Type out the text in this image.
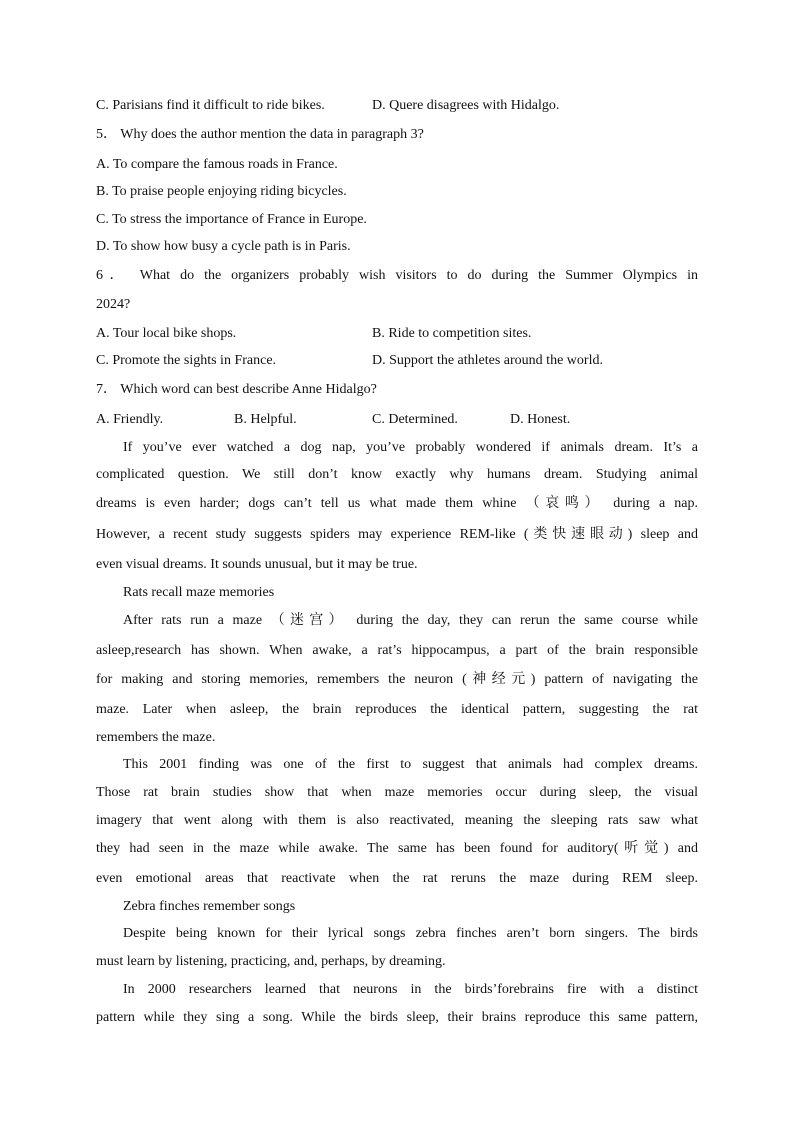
C. Parisians find it difficult to ride bikes.	D. Quere disagrees with Hidalgo.
5． Why does the author mention the data in paragraph 3?
A. To compare the famous roads in France.
B. To praise people enjoying riding bicycles.
C. To stress the importance of France in Europe.
D. To show how busy a cycle path is in Paris.
6． What do the organizers probably wish visitors to do during the Summer Olympics in
2024?
A. Tour local bike shops.	B. Ride to competition sites.
C. Promote the sights in France.	D. Support the athletes around the world.
7． Which word can best describe Anne Hidalgo?
A. Friendly.	B. Helpful.	C. Determined.	D. Honest.
If you’ve ever watched a dog nap, you’ve probably wondered if animals dream. It’s a
complicated question. We still don’t know exactly why humans dream. Studying animal
dreams is even harder; dogs can’t tell us what made them whine （哀鸣） during a nap.
However, a recent study suggests spiders may experience REM-like (类快速眼动) sleep and
even visual dreams. It sounds unusual, but it may be true.
Rats recall maze memories
After rats run a maze （迷宫） during the day, they can rerun the same course while
asleep,research has shown. When awake, a rat’s hippocampus, a part of the brain responsible
for making and storing memories, remembers the neuron (神经元) pattern of navigating the
maze. Later when asleep, the brain reproduces the identical pattern, suggesting the rat
remembers the maze.
This 2001 finding was one of the first to suggest that animals had complex dreams.
Those rat brain studies show that when maze memories occur during sleep, the visual
imagery that went along with them is also reactivated, meaning the sleeping rats saw what
they had seen in the maze while awake. The same has been found for auditory(听觉) and
even emotional areas that reactivate when the rat reruns the maze during REM sleep.
Zebra finches remember songs
Despite being known for their lyrical songs zebra finches aren’t born singers. The birds
must learn by listening, practicing, and, perhaps, by dreaming.
In 2000 researchers learned that neurons in the birds’forebrains fire with a distinct
pattern while they sing a song. While the birds sleep, their brains reproduce this same pattern,
